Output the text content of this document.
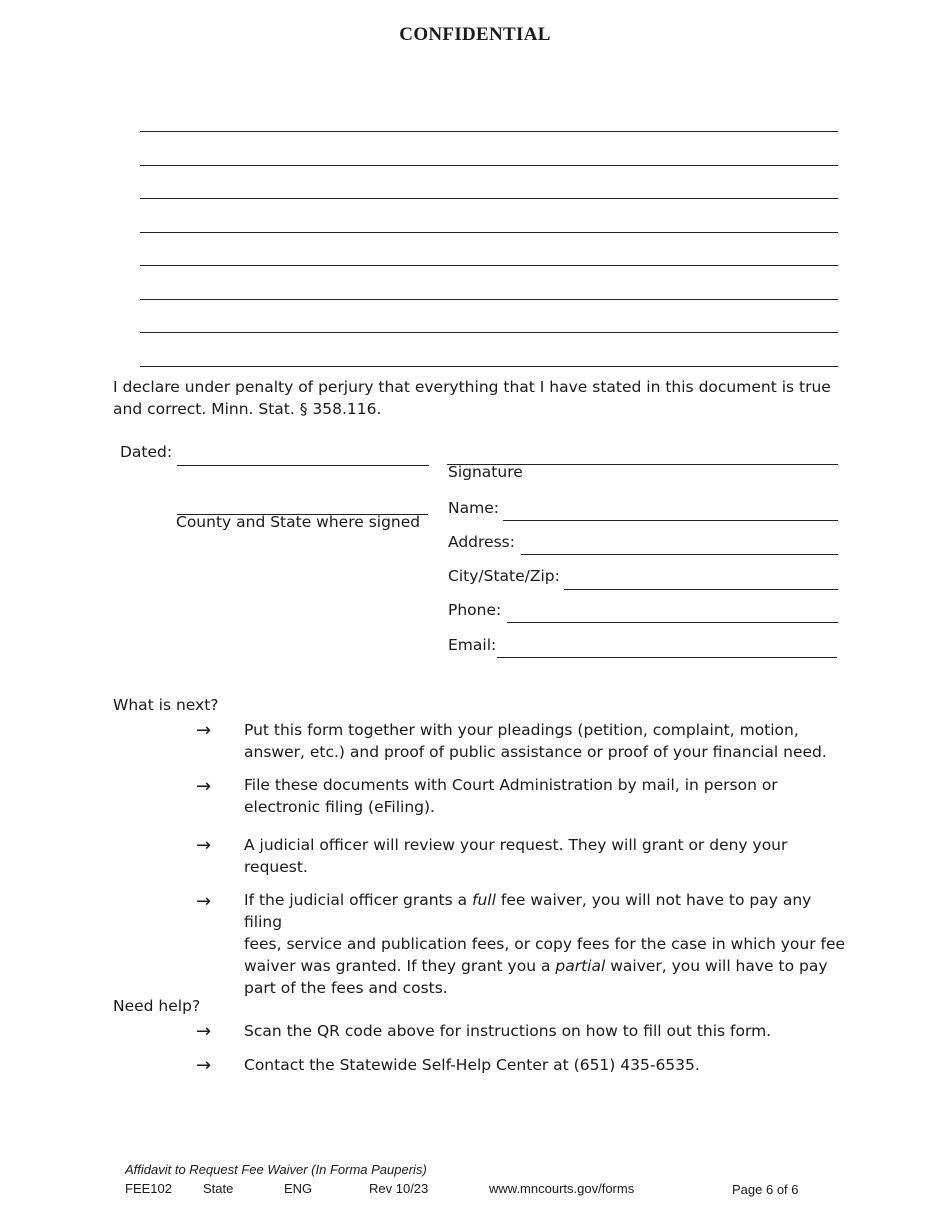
CONFIDENTIAL
I declare under penalty of perjury that everything that I have stated in this document is true
and correct. Minn. Stat. § 358.116.
Dated:
County and State where signed
Signature
Name:
Address:
City/State/Zip:
Phone:
Email:
What is next?
→ Put this form together with your pleadings (petition, complaint, motion,
answer, etc.) and proof of public assistance or proof of your financial need.
→ File these documents with Court Administration by mail, in person or
electronic filing (eFiling).
→ A judicial officer will review your request. They will grant or deny your
request.
→ If the judicial officer grants a full fee waiver, you will not have to pay any filing
fees, service and publication fees, or copy fees for the case in which your fee
waiver was granted. If they grant you a partial waiver, you will have to pay
part of the fees and costs.
Need help?
→ Scan the QR code above for instructions on how to fill out this form.
→ Contact the Statewide Self-Help Center at (651) 435-6535.
Affidavit to Request Fee Waiver (In Forma Pauperis)
FEE102 State	ENG	Rev 10/23	www.mncourts.gov/forms	Page 6 of 6
